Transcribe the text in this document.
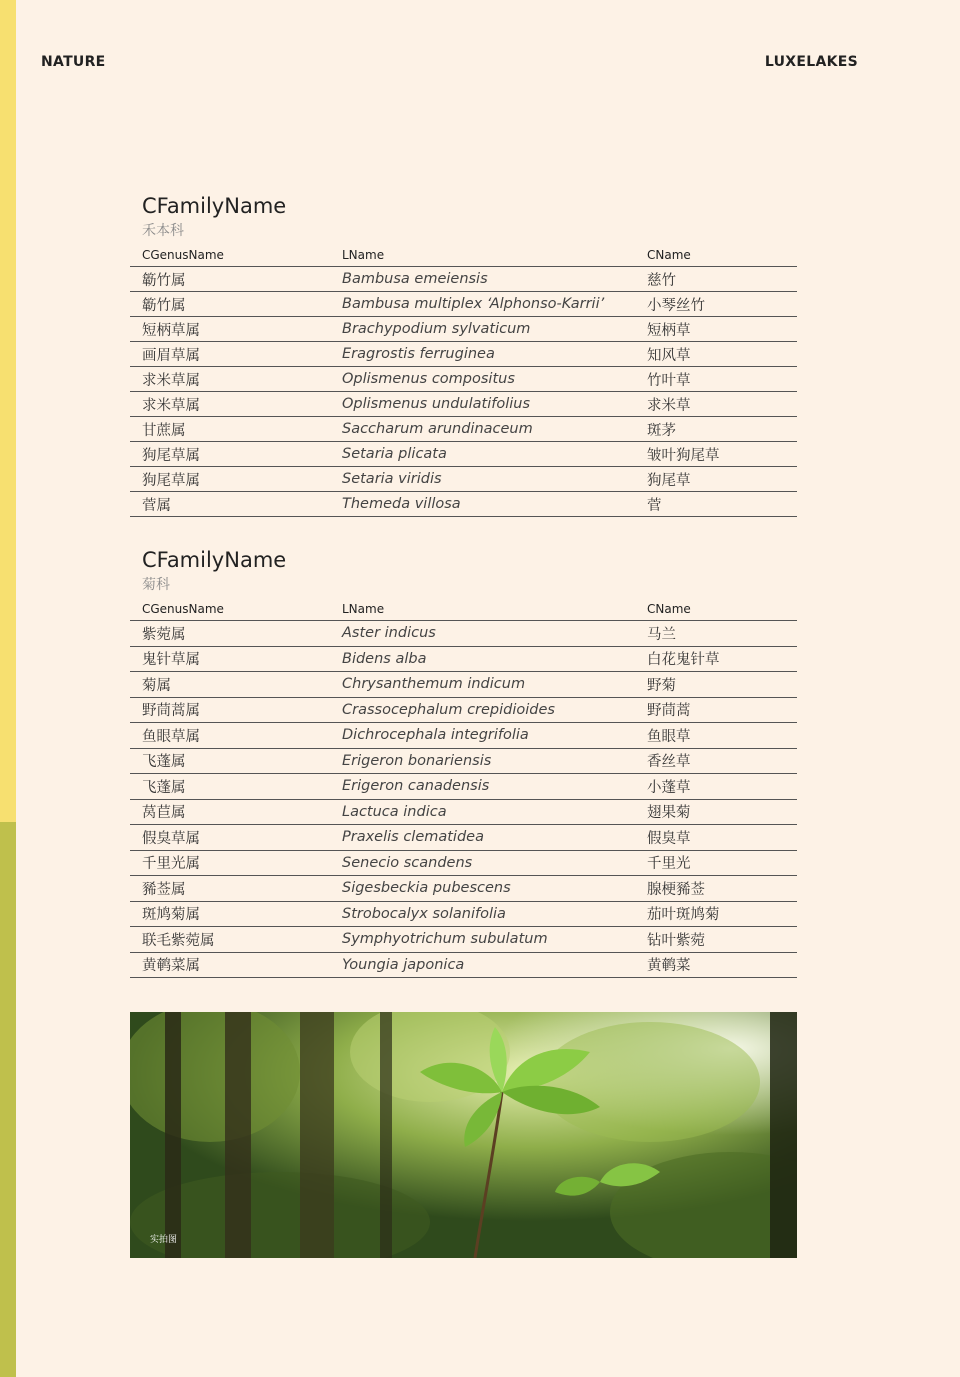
NATURE	LUXELAKES
CFamilyName
禾本科
CGenusName	LName	CName
簕竹属	Bambusa emeiensis	慈竹
簕竹属	Bambusa multiplex ‘Alphonso-Karrii’	小琴丝竹
短柄草属	Brachypodium sylvaticum	短柄草
画眉草属	Eragrostis ferruginea	知风草
求米草属	Oplismenus compositus	竹叶草
求米草属	Oplismenus undulatifolius	求米草
甘蔗属	Saccharum arundinaceum	斑茅
狗尾草属	Setaria plicata	皱叶狗尾草
狗尾草属	Setaria viridis	狗尾草
菅属	Themeda villosa	菅
CFamilyName
菊科
CGenusName	LName	CName
紫菀属	Aster indicus	马兰
鬼针草属	Bidens alba	白花鬼针草
菊属	Chrysanthemum indicum	野菊
野茼蒿属	Crassocephalum crepidioides	野茼蒿
鱼眼草属	Dichrocephala integrifolia	鱼眼草
飞蓬属	Erigeron bonariensis	香丝草
飞蓬属	Erigeron canadensis	小蓬草
莴苣属	Lactuca indica	翅果菊
假臭草属	Praxelis clematidea	假臭草
千里光属	Senecio scandens	千里光
豨莶属	Sigesbeckia pubescens	腺梗豨莶
斑鸠菊属	Strobocalyx solanifolia	茄叶斑鸠菊
联毛紫菀属	Symphyotrichum subulatum	钻叶紫菀
黄鹌菜属	Youngia japonica	黄鹌菜
实拍图
